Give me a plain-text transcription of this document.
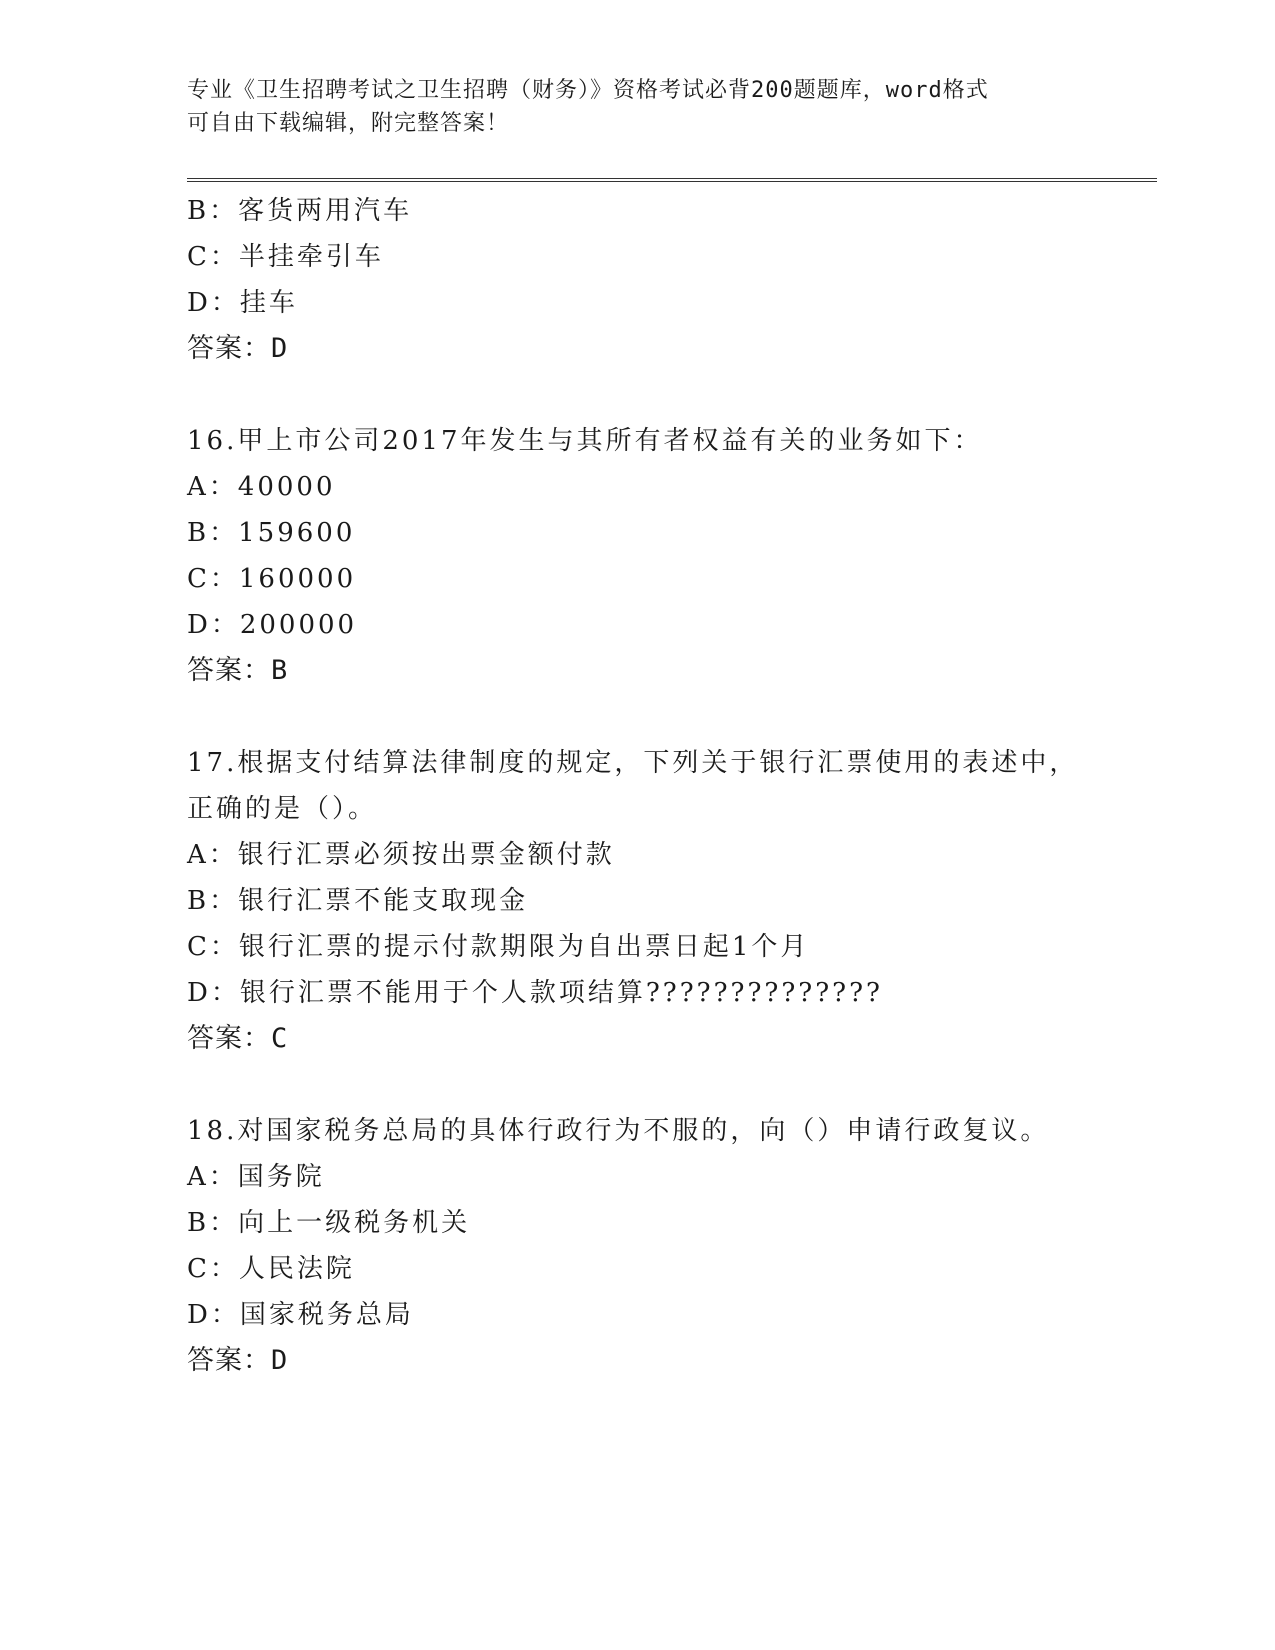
专业《卫生招聘考试之卫生招聘（财务）》资格考试必背200题题库，word格式
可自由下载编辑，附完整答案！
B：客货两用汽车
C：半挂牵引车
D：挂车
答案：D
16.甲上市公司2017年发生与其所有者权益有关的业务如下：
A：40000
B：159600
C：160000
D：200000
答案：B
17.根据支付结算法律制度的规定，下列关于银行汇票使用的表述中，
正确的是（）。
A：银行汇票必须按出票金额付款
B：银行汇票不能支取现金
C：银行汇票的提示付款期限为自出票日起1个月
D：银行汇票不能用于个人款项结算??????????????
答案：C
18.对国家税务总局的具体行政行为不服的，向（）申请行政复议。
A：国务院
B：向上一级税务机关
C：人民法院
D：国家税务总局
答案：D
